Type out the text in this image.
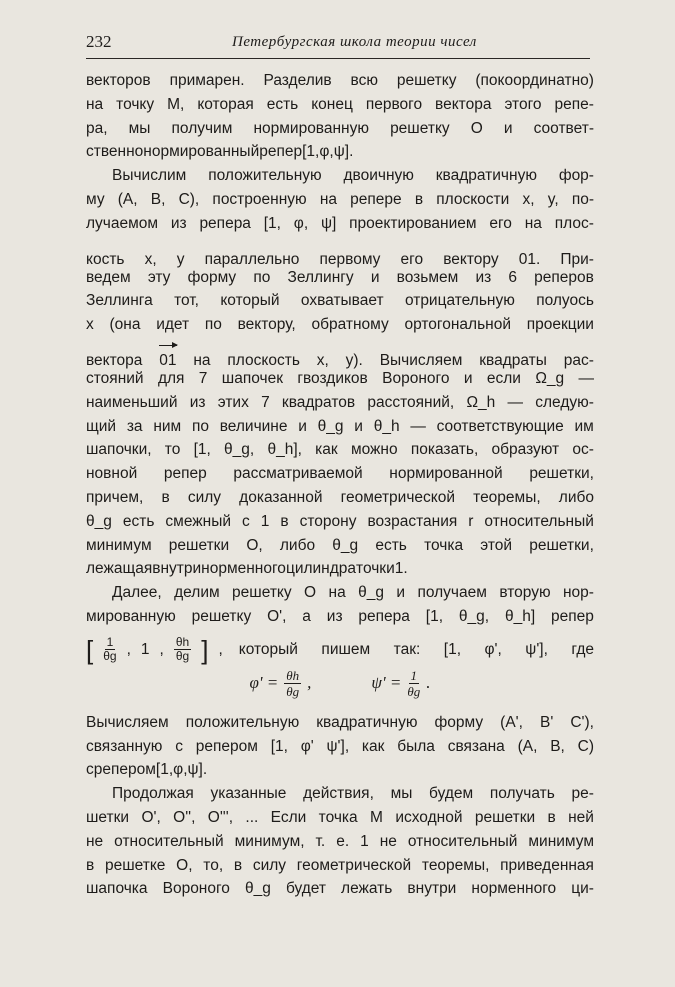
232	Петербургская школа теории чисел
векторов примарен. Разделив всю решетку (покоординатно)
на точку M, которая есть конец первого вектора этого репе-
ра, мы получим нормированную решетку O и соответ-
ственно нормированный репер [1, φ, ψ].
Вычислим положительную двоичную квадратичную фор-
му (A, B, C), построенную на репере в плоскости x, y, по-
лучаемом из репера [1, φ, ψ] проектированием его на плос-
кость x, y параллельно первому его вектору 01. При-
ведем эту форму по Зеллингу и возьмем из 6 реперов
Зеллинга тот, который охватывает отрицательную полуось
x (она идет по вектору, обратному ортогональной проекции
вектора 01 на плоскость x, y). Вычисляем квадраты рас-
стояний для 7 шапочек гвоздиков Вороного и если Ω_g —
наименьший из этих 7 квадратов расстояний, Ω_h — следую-
щий за ним по величине и θ_g и θ_h — соответствующие им
шапочки, то [1, θ_g, θ_h], как можно показать, образуют ос-
новной репер рассматриваемой нормированной решетки,
причем, в силу доказанной геометрической теоремы, либо
θ_g есть смежный с 1 в сторону возрастания r относительный
минимум решетки O, либо θ_g есть точка этой решетки,
лежащая внутри норменного цилиндра точки 1.
Далее, делим решетку O на θ_g и получаем вторую нор-
мированную решетку O', а из репера [1, θ_g, θ_h] репер
[ $\frac{1}{\theta g}$ , 1 , $\frac{\theta h}{\theta g}$ ] , который пишем так: [1, φ', ψ'], где
$\varphi' = \frac{\theta h}{\theta g}$ ,	$\psi' = \frac{1}{\theta g}$ .
Вычисляем положительную квадратичную форму (A', B' C'),
связанную с репером [1, φ' ψ'], как была связана (A, B, C)
с репером [1, φ, ψ].
Продолжая указанные действия, мы будем получать ре-
шетки O', O'', O''', ... Если точка M исходной решетки в ней
не относительный минимум, т. е. 1 не относительный минимум
в решетке O, то, в силу геометрической теоремы, приведенная
шапочка Вороного θ_g будет лежать внутри норменного ци-
